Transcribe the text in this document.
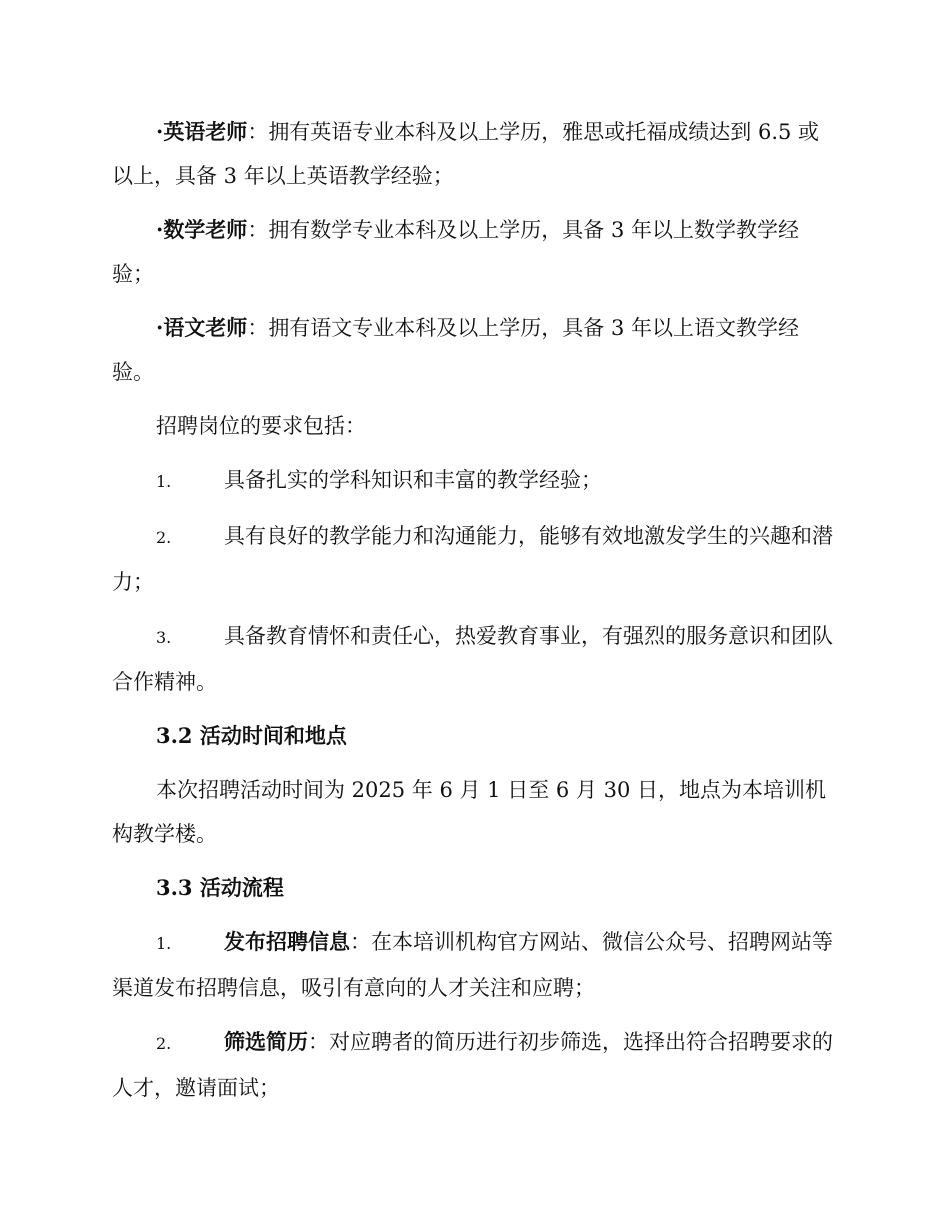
·英语老师：拥有英语专业本科及以上学历，雅思或托福成绩达到 6.5 或以上，具备 3 年以上英语教学经验；

·数学老师：拥有数学专业本科及以上学历，具备 3 年以上数学教学经验；

·语文老师：拥有语文专业本科及以上学历，具备 3 年以上语文教学经验。

招聘岗位的要求包括：

1.	具备扎实的学科知识和丰富的教学经验；

2.	具有良好的教学能力和沟通能力，能够有效地激发学生的兴趣和潜力；

3.	具备教育情怀和责任心，热爱教育事业，有强烈的服务意识和团队合作精神。

3.2 活动时间和地点

本次招聘活动时间为 2025 年 6 月 1 日至 6 月 30 日，地点为本培训机构教学楼。

3.3 活动流程

1.	发布招聘信息：在本培训机构官方网站、微信公众号、招聘网站等渠道发布招聘信息，吸引有意向的人才关注和应聘；

2.	筛选简历：对应聘者的简历进行初步筛选，选择出符合招聘要求的人才，邀请面试；
